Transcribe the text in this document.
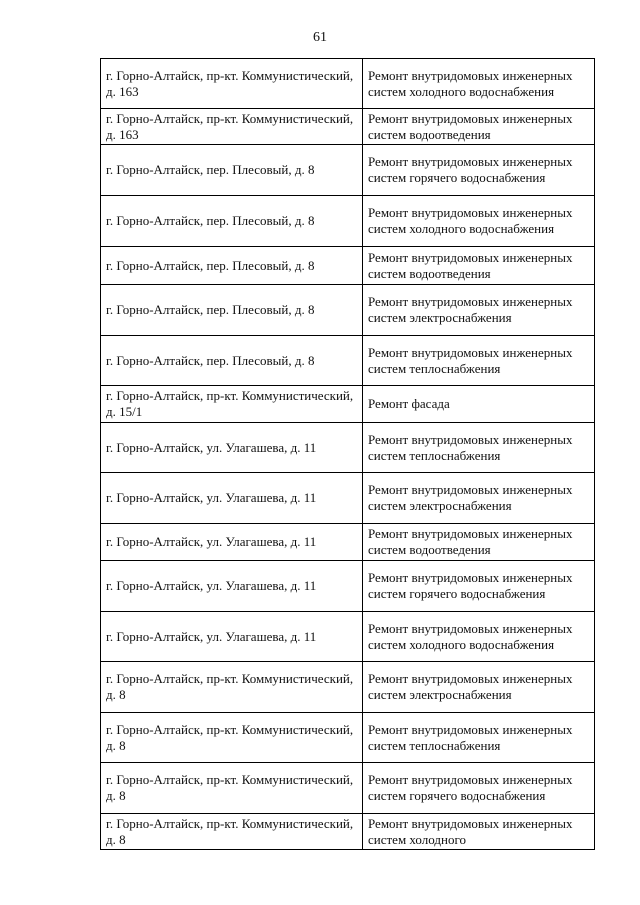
61
г. Горно-Алтайск, пр-кт. Коммунистический, д. 163	Ремонт внутридомовых инженерных систем холодного водоснабжения
г. Горно-Алтайск, пр-кт. Коммунистический, д. 163	Ремонт внутридомовых инженерных систем водоотведения
г. Горно-Алтайск, пер. Плесовый, д. 8	Ремонт внутридомовых инженерных систем горячего водоснабжения
г. Горно-Алтайск, пер. Плесовый, д. 8	Ремонт внутридомовых инженерных систем холодного водоснабжения
г. Горно-Алтайск, пер. Плесовый, д. 8	Ремонт внутридомовых инженерных систем водоотведения
г. Горно-Алтайск, пер. Плесовый, д. 8	Ремонт внутридомовых инженерных систем электроснабжения
г. Горно-Алтайск, пер. Плесовый, д. 8	Ремонт внутридомовых инженерных систем теплоснабжения
г. Горно-Алтайск, пр-кт. Коммунистический, д. 15/1	Ремонт фасада
г. Горно-Алтайск, ул. Улагашева, д. 11	Ремонт внутридомовых инженерных систем теплоснабжения
г. Горно-Алтайск, ул. Улагашева, д. 11	Ремонт внутридомовых инженерных систем электроснабжения
г. Горно-Алтайск, ул. Улагашева, д. 11	Ремонт внутридомовых инженерных систем водоотведения
г. Горно-Алтайск, ул. Улагашева, д. 11	Ремонт внутридомовых инженерных систем горячего водоснабжения
г. Горно-Алтайск, ул. Улагашева, д. 11	Ремонт внутридомовых инженерных систем холодного водоснабжения
г. Горно-Алтайск, пр-кт. Коммунистический, д. 8	Ремонт внутридомовых инженерных систем электроснабжения
г. Горно-Алтайск, пр-кт. Коммунистический, д. 8	Ремонт внутридомовых инженерных систем теплоснабжения
г. Горно-Алтайск, пр-кт. Коммунистический, д. 8	Ремонт внутридомовых инженерных систем горячего водоснабжения
г. Горно-Алтайск, пр-кт. Коммунистический, д. 8	Ремонт внутридомовых инженерных систем холодного
